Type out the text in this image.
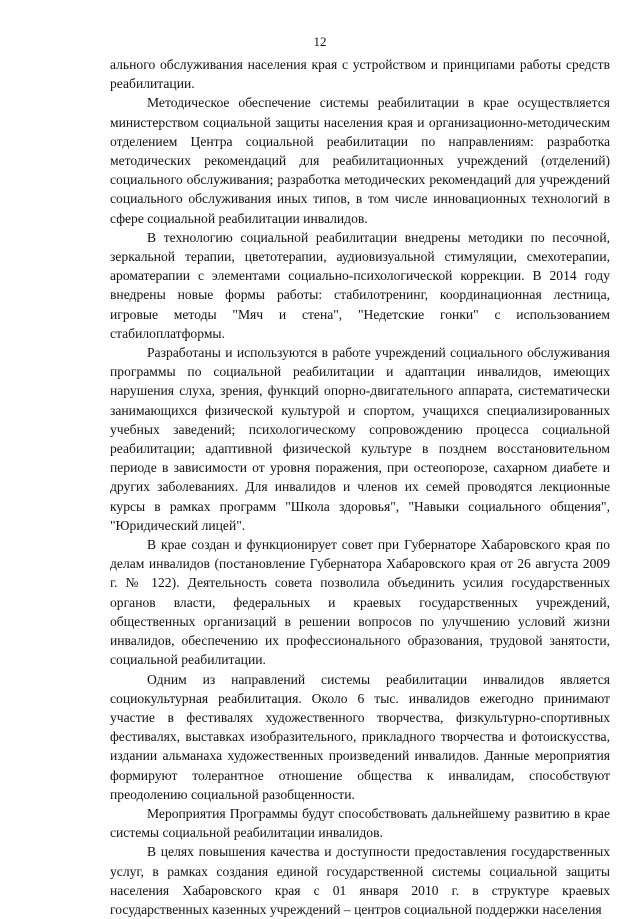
12

ального обслуживания населения края с устройством и принципами работы средств реабилитации.

Методическое обеспечение системы реабилитации в крае осуществляется министерством социальной защиты населения края и организационно-методическим отделением Центра социальной реабилитации по направлениям: разработка методических рекомендаций для реабилитационных учреждений (отделений) социального обслуживания; разработка методических рекомендаций для учреждений социального обслуживания иных типов, в том числе инновационных технологий в сфере социальной реабилитации инвалидов.

В технологию социальной реабилитации внедрены методики по песочной, зеркальной терапии, цветотерапии, аудиовизуальной стимуляции, смехотерапии, ароматерапии с элементами социально-психологической коррекции. В 2014 году внедрены новые формы работы: стабилотренинг, координационная лестница, игровые методы "Мяч и стена", "Недетские гонки" с использованием стабилоплатформы.

Разработаны и используются в работе учреждений социального обслуживания программы по социальной реабилитации и адаптации инвалидов, имеющих нарушения слуха, зрения, функций опорно-двигательного аппарата, систематически занимающихся физической культурой и спортом, учащихся специализированных учебных заведений; психологическому сопровождению процесса социальной реабилитации; адаптивной физической культуре в позднем восстановительном периоде в зависимости от уровня поражения, при остеопорозе, сахарном диабете и других заболеваниях. Для инвалидов и членов их семей проводятся лекционные курсы в рамках программ "Школа здоровья", "Навыки социального общения", "Юридический лицей".

В крае создан и функционирует совет при Губернаторе Хабаровского края по делам инвалидов (постановление Губернатора Хабаровского края от 26 августа 2009 г. № 122). Деятельность совета позволила объединить усилия государственных органов власти, федеральных и краевых государственных учреждений, общественных организаций в решении вопросов по улучшению условий жизни инвалидов, обеспечению их профессионального образования, трудовой занятости, социальной реабилитации.

Одним из направлений системы реабилитации инвалидов является социокультурная реабилитация. Около 6 тыс. инвалидов ежегодно принимают участие в фестивалях художественного творчества, физкультурно-спортивных фестивалях, выставках изобразительного, прикладного творчества и фотоискусства, издании альманаха художественных произведений инвалидов. Данные мероприятия формируют толерантное отношение общества к инвалидам, способствуют преодолению социальной разобщенности.

Мероприятия Программы будут способствовать дальнейшему развитию в крае системы социальной реабилитации инвалидов.

В целях повышения качества и доступности предоставления государственных услуг, в рамках создания единой государственной системы социальной защиты населения Хабаровского края с 01 января 2010 г. в структуре краевых государственных казенных учреждений – центров социальной поддержки населения
